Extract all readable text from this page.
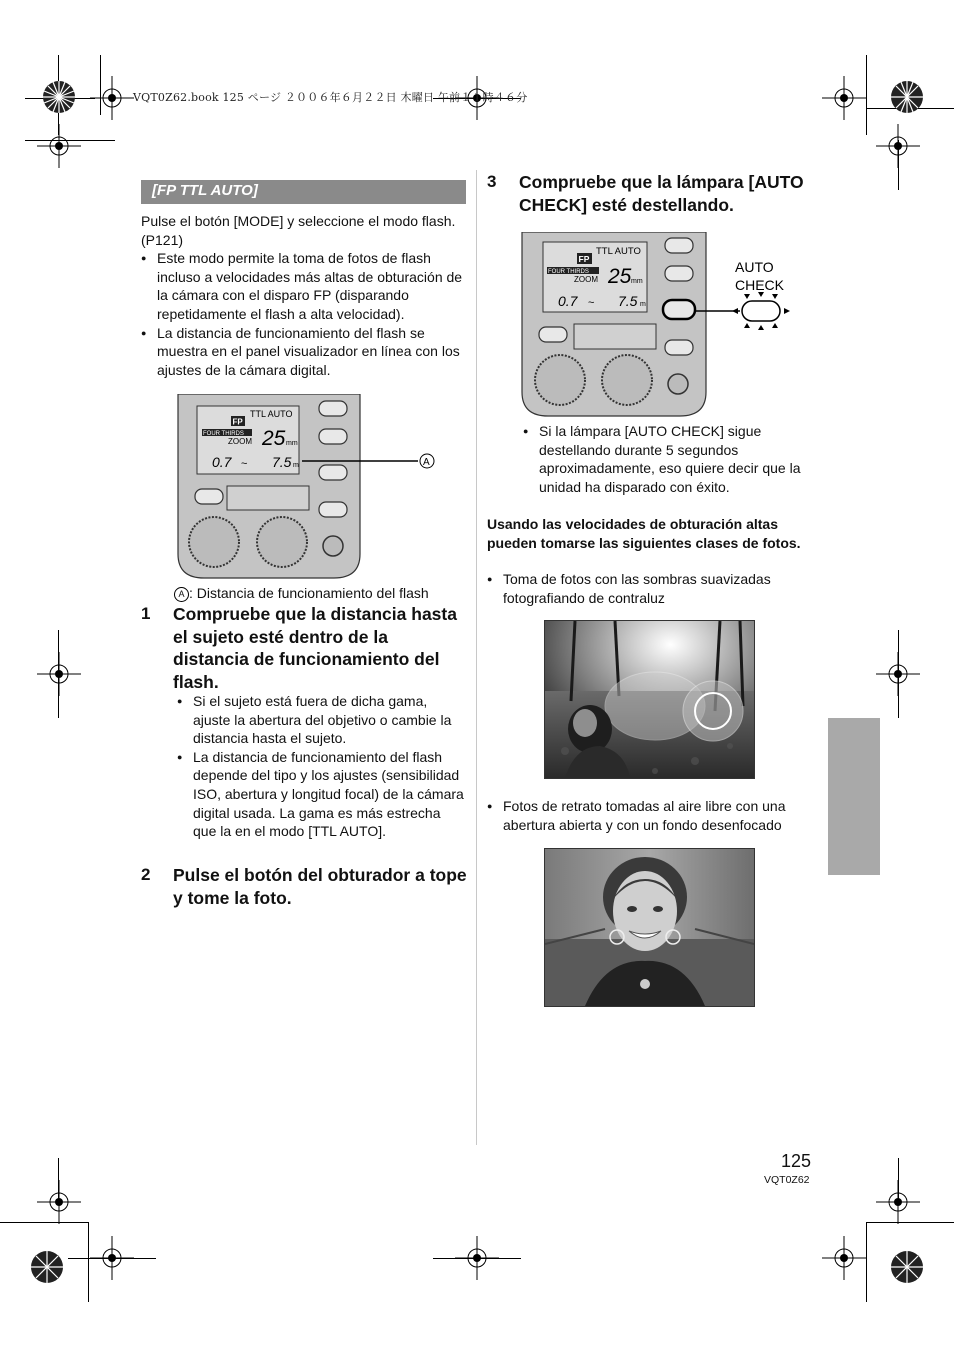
VQT0Z62.book 125 ページ ２００６年６月２２日 木曜日 午前１１時４６分
[FP TTL AUTO]
Pulse el botón [MODE] y seleccione el modo flash. (P121)
● Este modo permite la toma de fotos de flash incluso a velocidades más altas de obturación de la cámara con el disparo FP (disparando repetidamente el flash a alta velocidad).
● La distancia de funcionamiento del flash se muestra en el panel visualizador en línea con los ajustes de la cámara digital.
TTL AUTO
FP
FOUR THIRDS
ZOOM 25 mm
0.7 ~ 7.5 m	A
A : Distancia de funcionamiento del flash
1 Compruebe que la distancia hasta el sujeto esté dentro de la distancia de funcionamiento del flash.
● Si el sujeto está fuera de dicha gama, ajuste la abertura del objetivo o cambie la distancia hasta el sujeto.
● La distancia de funcionamiento del flash depende del tipo y los ajustes (sensibilidad ISO, abertura y longitud focal) de la cámara digital usada. La gama es más estrecha que la en el modo [TTL AUTO].
2 Pulse el botón del obturador a tope y tome la foto.
3 Compruebe que la lámpara [AUTO CHECK] esté destellando.
TTL AUTO
FP
FOUR THIRDS
ZOOM 25 mm
0.7 ~ 7.5 m
AUTO
CHECK
● Si la lámpara [AUTO CHECK] sigue destellando durante 5 segundos aproximadamente, eso quiere decir que la unidad ha disparado con éxito.
Usando las velocidades de obturación altas pueden tomarse las siguientes clases de fotos.
● Toma de fotos con las sombras suavizadas fotografiando de contraluz
● Fotos de retrato tomadas al aire libre con una abertura abierta y con un fondo desenfocado
125
VQT0Z62
